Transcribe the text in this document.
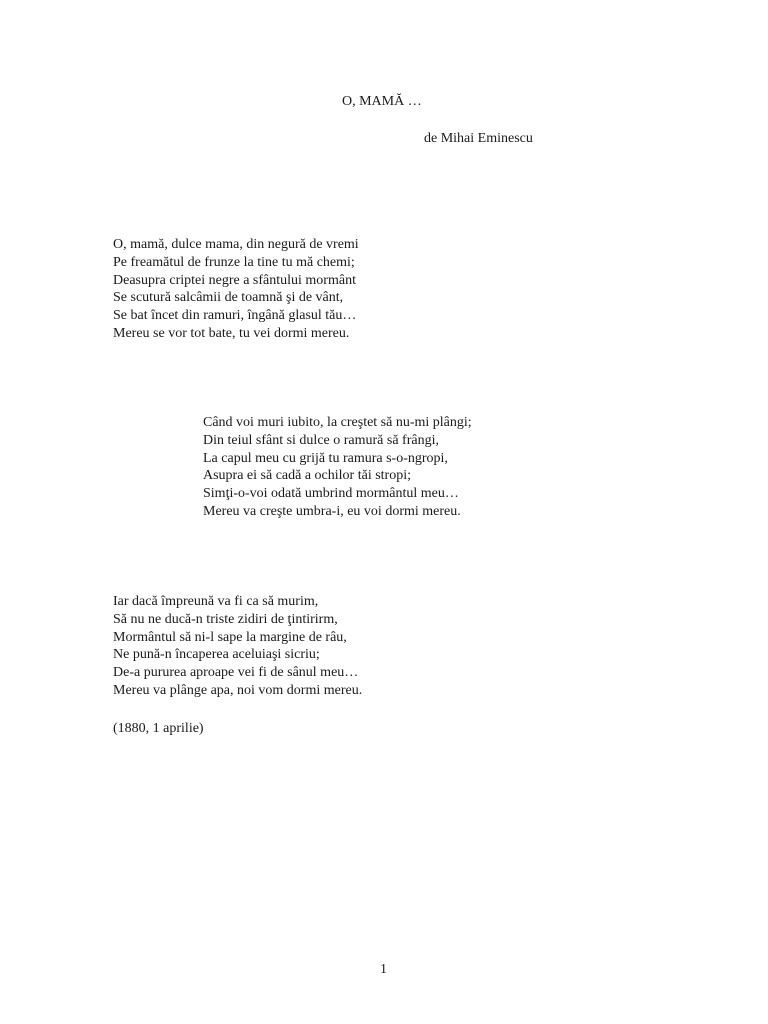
O, MAMĂ …
de Mihai Eminescu
O, mamă, dulce mama, din negură de vremi
Pe freamătul de frunze la tine tu mă chemi;
Deasupra criptei negre a sfântului mormânt
Se scutură salcâmii de toamnă şi de vânt,
Se bat încet din ramuri, îngână glasul tău…
Mereu se vor tot bate, tu vei dormi mereu.
Când voi muri iubito, la creştet să nu-mi plângi;
Din teiul sfânt si dulce o ramură să frângi,
La capul meu cu grijă tu ramura s-o-ngropi,
Asupra ei să cadă a ochilor tăi stropi;
Simţi-o-voi odată umbrind mormântul meu…
Mereu va creşte umbra-i, eu voi dormi mereu.
Iar dacă împreună va fi ca să murim,
Să nu ne ducă-n triste zidiri de ţintirirm,
Mormântul să ni-l sape la margine de râu,
Ne pună-n încaperea aceluiaşi sicriu;
De-a pururea aproape vei fi de sânul meu…
Mereu va plânge apa, noi vom dormi mereu.
(1880, 1 aprilie)
1
